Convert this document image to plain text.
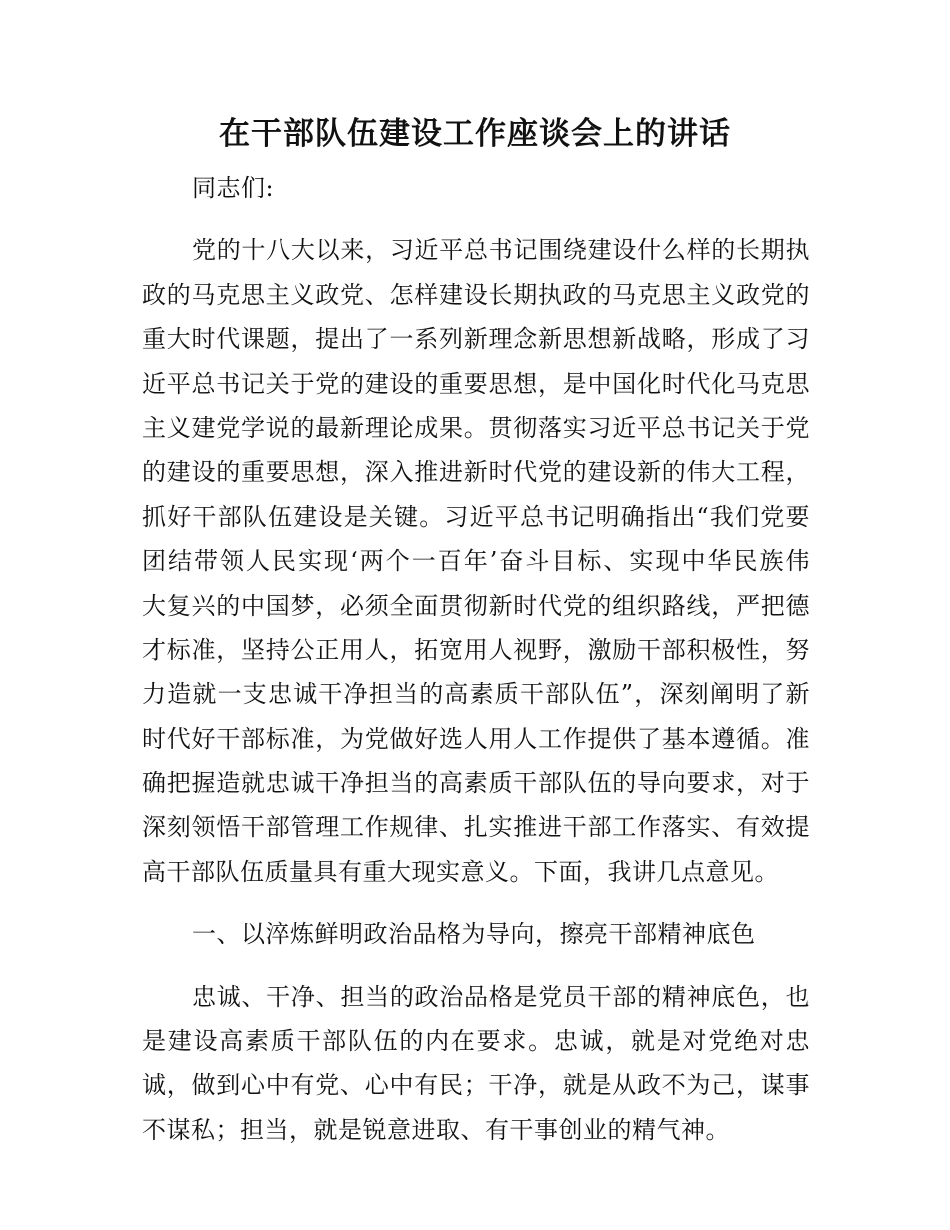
在干部队伍建设工作座谈会上的讲话

同志们:

党的十八大以来，习近平总书记围绕建设什么样的长期执

政的马克思主义政党、怎样建设长期执政的马克思主义政党的

重大时代课题，提出了一系列新理念新思想新战略，形成了习

近平总书记关于党的建设的重要思想，是中国化时代化马克思

主义建党学说的最新理论成果。贯彻落实习近平总书记关于党

的建设的重要思想，深入推进新时代党的建设新的伟大工程，

抓好干部队伍建设是关键。习近平总书记明确指出“我们党要

团结带领人民实现‘两个一百年’奋斗目标、实现中华民族伟

大复兴的中国梦，必须全面贯彻新时代党的组织路线，严把德

才标准，坚持公正用人，拓宽用人视野，激励干部积极性，努

力造就一支忠诚干净担当的高素质干部队伍”，深刻阐明了新

时代好干部标准，为党做好选人用人工作提供了基本遵循。准

确把握造就忠诚干净担当的高素质干部队伍的导向要求，对于

深刻领悟干部管理工作规律、扎实推进干部工作落实、有效提

高干部队伍质量具有重大现实意义。下面，我讲几点意见。

一、以淬炼鲜明政治品格为导向，擦亮干部精神底色

忠诚、干净、担当的政治品格是党员干部的精神底色，也

是建设高素质干部队伍的内在要求。忠诚，就是对党绝对忠

诚，做到心中有党、心中有民；干净，就是从政不为己，谋事

不谋私；担当，就是锐意进取、有干事创业的精气神。
